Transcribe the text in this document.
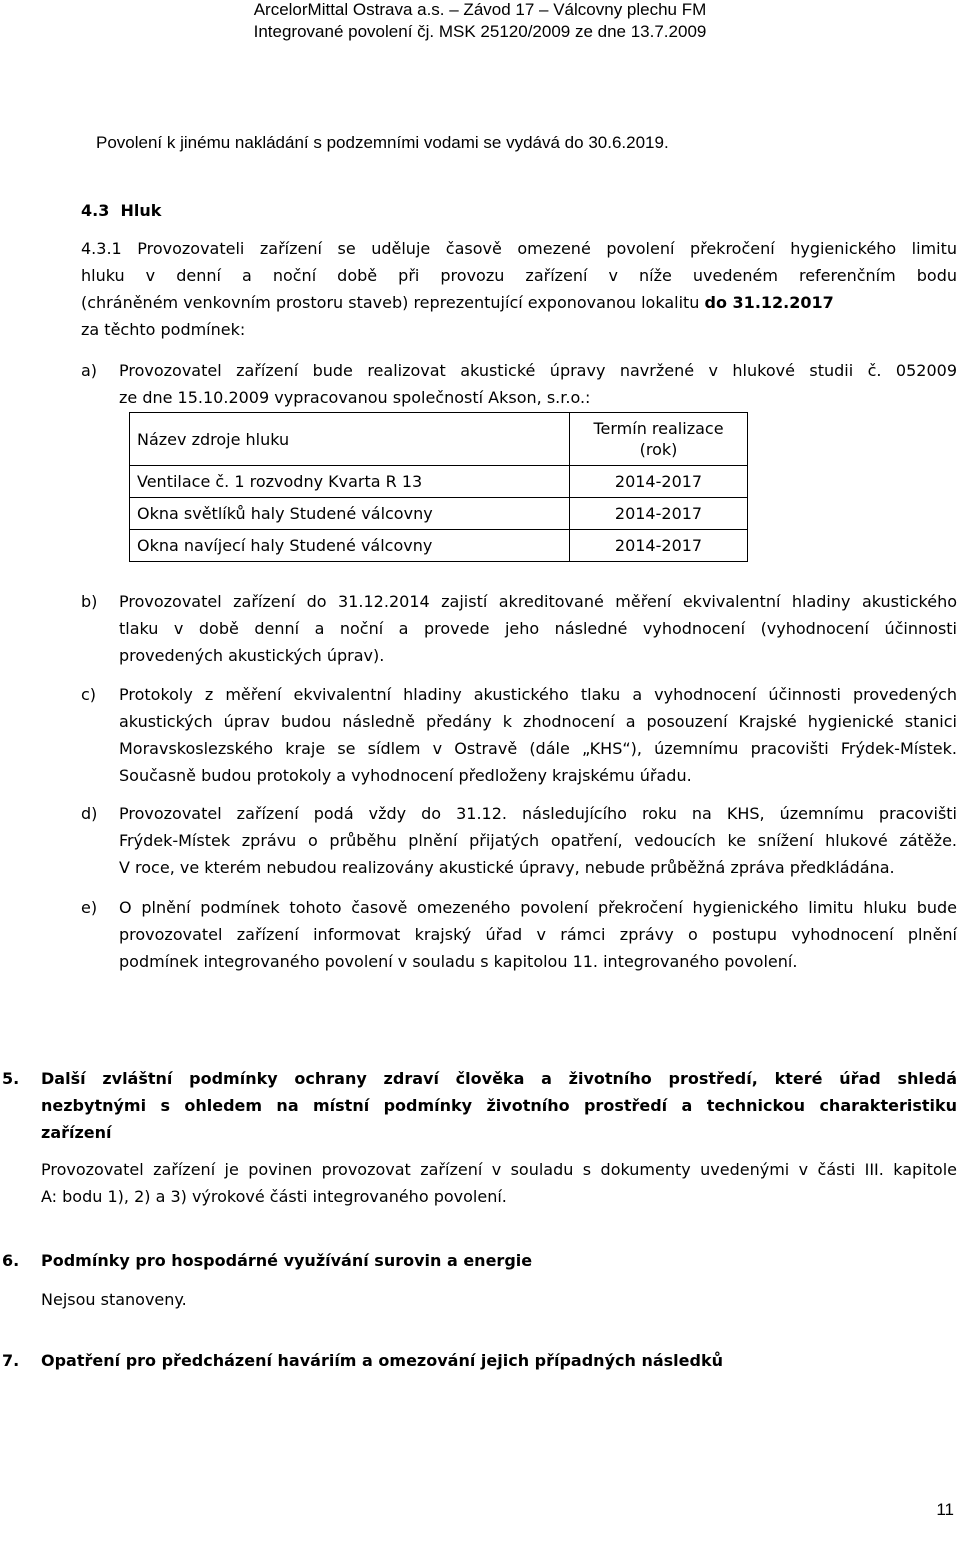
ArcelorMittal Ostrava a.s. – Závod 17 – Válcovny plechu FM
Integrované povolení čj. MSK 25120/2009 ze dne 13.7.2009
Povolení k jinému nakládání s podzemními vodami se vydává do 30.6.2019.
4.3 Hluk
4.3.1 Provozovateli zařízení se uděluje časově omezené povolení překročení hygienického limitu
hluku v denní a noční době při provozu zařízení v níže uvedeném referenčním bodu
(chráněném venkovním prostoru staveb) reprezentující exponovanou lokalitu do 31.12.2017
za těchto podmínek:
a) Provozovatel zařízení bude realizovat akustické úpravy navržené v hlukové studii č. 052009
ze dne 15.10.2009 vypracovanou společností Akson, s.r.o.:
Název zdroje hluku	Termín realizace (rok)
Ventilace č. 1 rozvodny Kvarta R 13	2014-2017
Okna světlíků haly Studené válcovny	2014-2017
Okna navíjecí haly Studené válcovny	2014-2017
b) Provozovatel zařízení do 31.12.2014 zajistí akreditované měření ekvivalentní hladiny akustického
tlaku v době denní a noční a provede jeho následné vyhodnocení (vyhodnocení účinnosti
provedených akustických úprav).
c) Protokoly z měření ekvivalentní hladiny akustického tlaku a vyhodnocení účinnosti provedených
akustických úprav budou následně předány k zhodnocení a posouzení Krajské hygienické stanici
Moravskoslezského kraje se sídlem v Ostravě (dále „KHS“), územnímu pracovišti Frýdek-Místek.
Současně budou protokoly a vyhodnocení předloženy krajskému úřadu.
d) Provozovatel zařízení podá vždy do 31.12. následujícího roku na KHS, územnímu pracovišti
Frýdek-Místek zprávu o průběhu plnění přijatých opatření, vedoucích ke snížení hlukové zátěže.
V roce, ve kterém nebudou realizovány akustické úpravy, nebude průběžná zpráva předkládána.
e) O plnění podmínek tohoto časově omezeného povolení překročení hygienického limitu hluku bude
provozovatel zařízení informovat krajský úřad v rámci zprávy o postupu vyhodnocení plnění
podmínek integrovaného povolení v souladu s kapitolou 11. integrovaného povolení.
5. Další zvláštní podmínky ochrany zdraví člověka a životního prostředí, které úřad shledá
nezbytnými s ohledem na místní podmínky životního prostředí a technickou charakteristiku
zařízení
Provozovatel zařízení je povinen provozovat zařízení v souladu s dokumenty uvedenými v části III. kapitole
A: bodu 1), 2) a 3) výrokové části integrovaného povolení.
6. Podmínky pro hospodárné využívání surovin a energie
Nejsou stanoveny.
7. Opatření pro předcházení haváriím a omezování jejich případných následků
11
